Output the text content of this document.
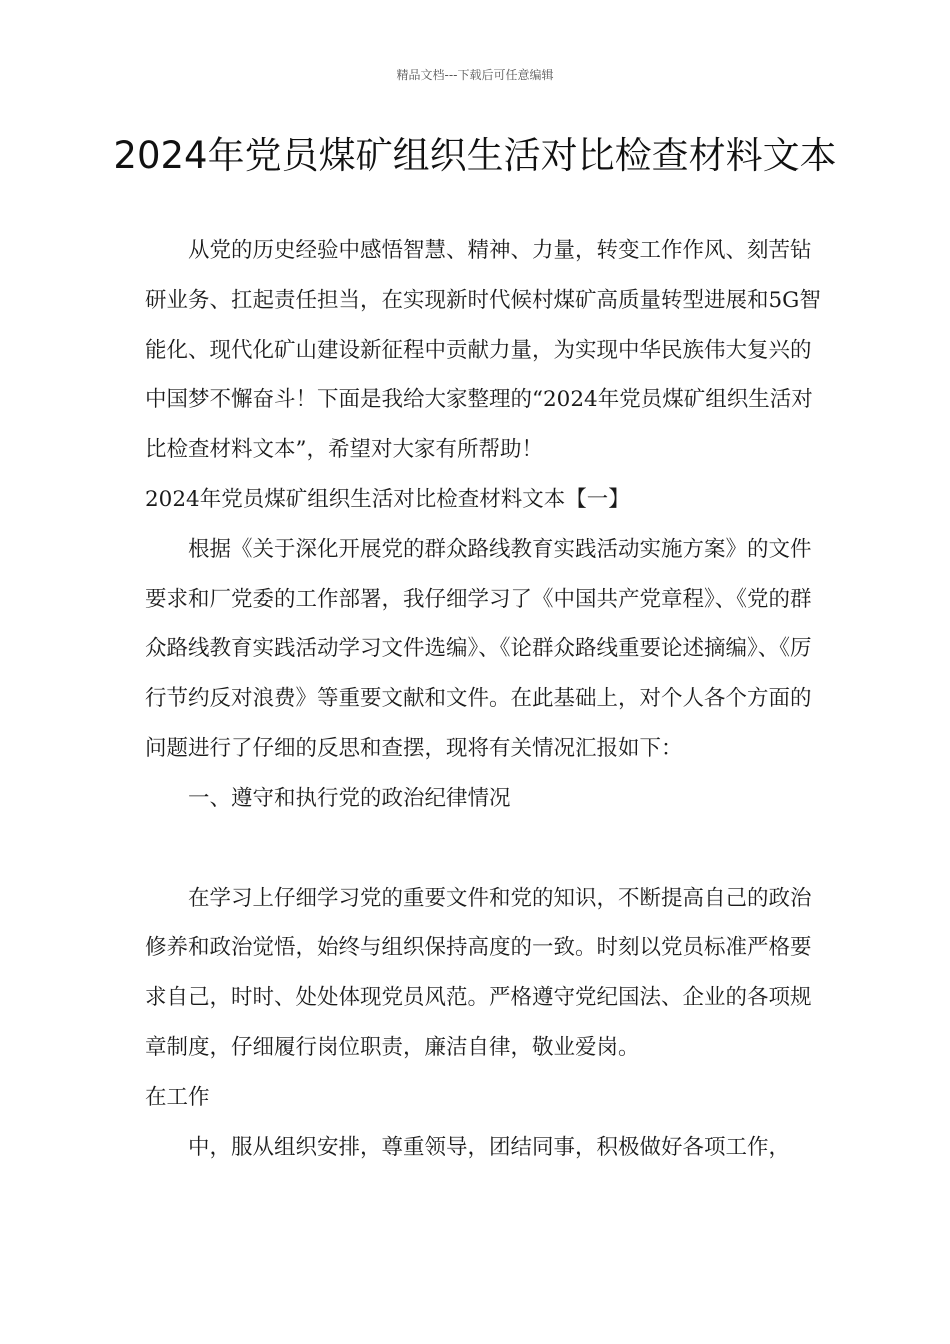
精品文档---下载后可任意编辑
2024年党员煤矿组织生活对比检查材料文本

从党的历史经验中感悟智慧、精神、力量，转变工作作风、刻苦钻研业务、扛起责任担当，在实现新时代候村煤矿高质量转型进展和5G智能化、现代化矿山建设新征程中贡献力量，为实现中华民族伟大复兴的中国梦不懈奋斗！下面是我给大家整理的“2024年党员煤矿组织生活对比检查材料文本”，希望对大家有所帮助！

2024年党员煤矿组织生活对比检查材料文本【一】

根据《关于深化开展党的群众路线教育实践活动实施方案》的文件要求和厂党委的工作部署，我仔细学习了《中国共产党章程》、《党的群众路线教育实践活动学习文件选编》、《论群众路线重要论述摘编》、《厉行节约反对浪费》等重要文献和文件。在此基础上，对个人各个方面的问题进行了仔细的反思和查摆，现将有关情况汇报如下：

一、遵守和执行党的政治纪律情况

在学习上仔细学习党的重要文件和党的知识，不断提高自己的政治修养和政治觉悟，始终与组织保持高度的一致。时刻以党员标准严格要求自己，时时、处处体现党员风范。严格遵守党纪国法、企业的各项规章制度，仔细履行岗位职责，廉洁自律，敬业爱岗。

在工作

中，服从组织安排，尊重领导，团结同事，积极做好各项工作，
